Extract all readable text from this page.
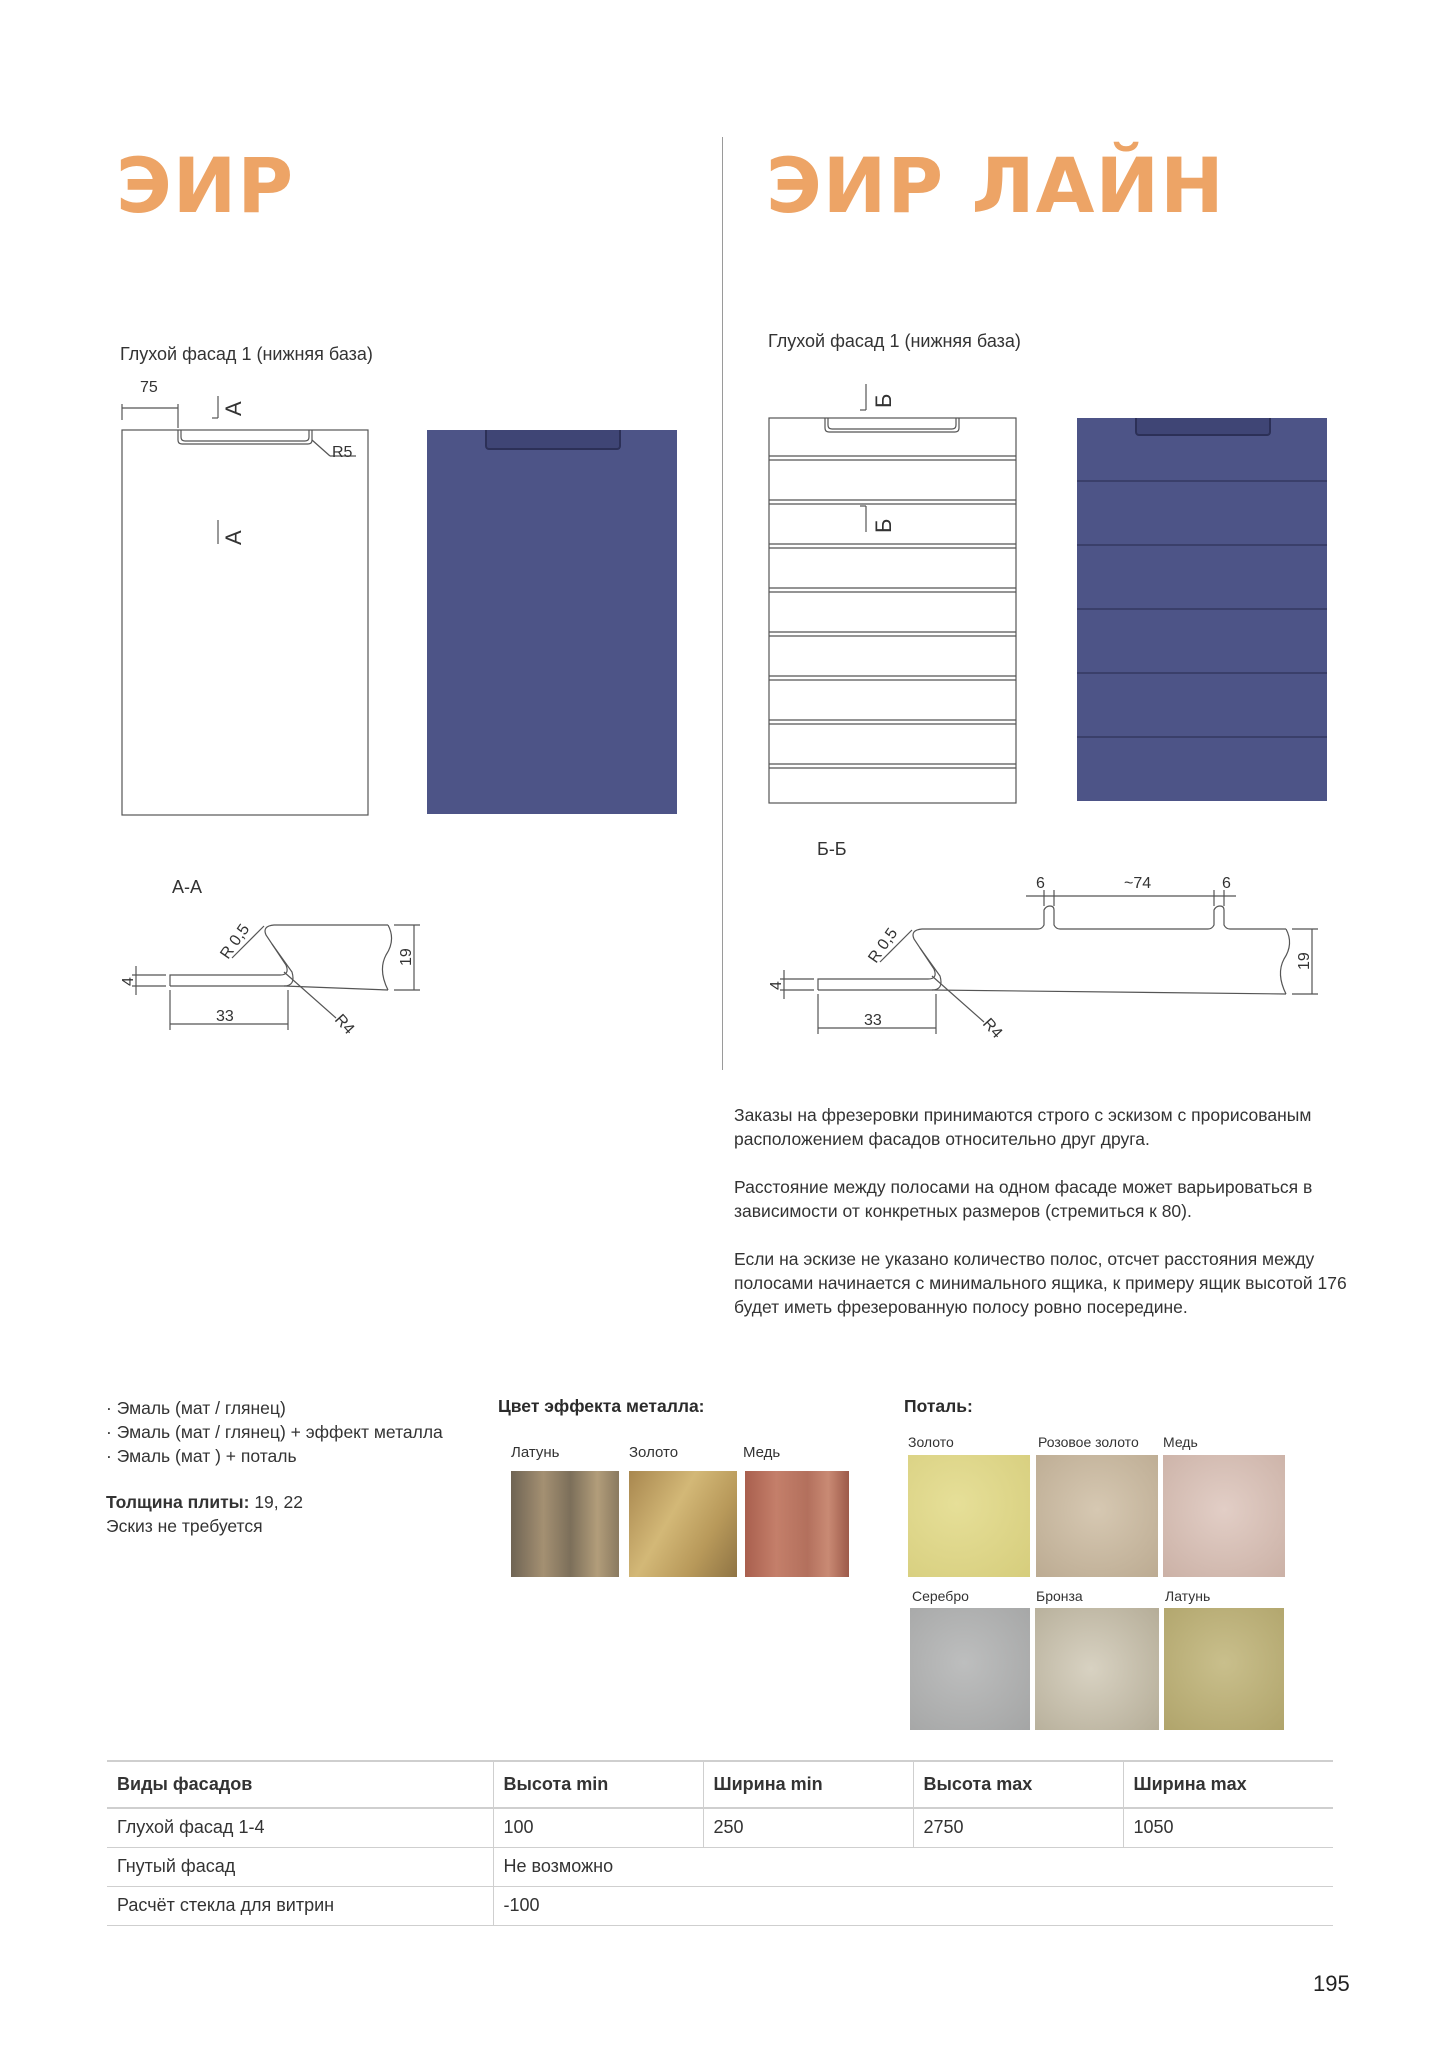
ЭИР	ЭИР ЛАЙН
Глухой фасад 1 (нижняя база)
Глухой фасад 1 (нижняя база)
75
R5
А
А
R 0,5
R4
33
4
19
Б
Б
6	~74	6
R 0,5
R4
33
4
19
А-А
Б-Б

Заказы на фрезеровки принимаются строго с эскизом с прорисованым расположением фасадов относительно друг друга.

Расстояние между полосами на одном фасаде может варьироваться в зависимости от конкретных размеров (стремиться к 80).

Если на эскизе не указано количество полос, отсчет расстояния между полосами начинается с минимального ящика, к примеру ящик высотой 176 будет иметь фрезерованную полосу ровно посередине.

· Эмаль (мат / глянец)
· Эмаль (мат / глянец) + эффект металла
· Эмаль (мат ) + поталь
Толщина плиты: 19, 22
Эскиз не требуется
Цвет эффекта металла:
Латунь	Золото	Медь
Поталь:
Золото	Розовое золото Медь
Серебро	Бронза	Латунь
Виды фасадов	Высота min	Ширина min	Высота max	Ширина max
Глухой фасад 1-4	100	250	2750	1050
Гнутый фасад	Не возможно			
Расчёт стекла для витрин	-100			
195
